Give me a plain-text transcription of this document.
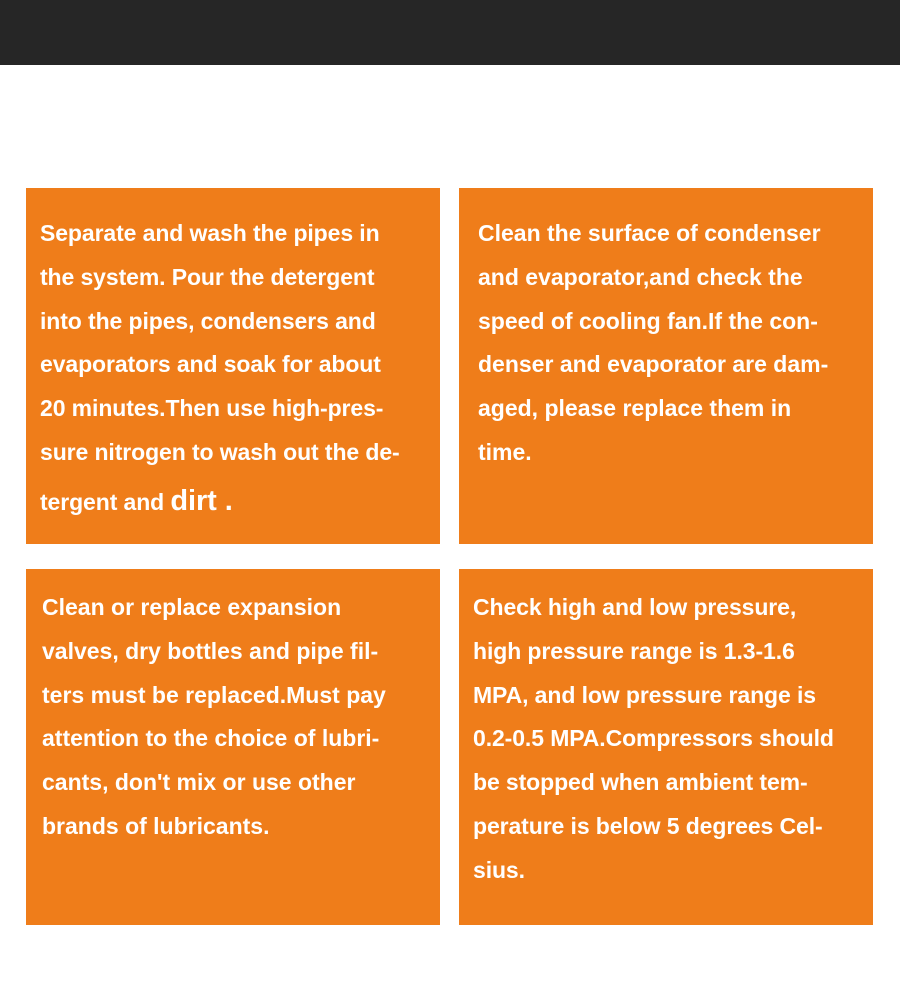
Separate and wash the pipes in
the system. Pour the detergent
into the pipes, condensers and
evaporators and soak for about
20 minutes.Then use high-pres-
sure nitrogen to wash out the de-
tergent and dirt .
Clean the surface of condenser
and evaporator,and check the
speed of cooling fan.If the con-
denser and evaporator are dam-
aged, please replace them in
time.
Clean or replace expansion
valves, dry bottles and pipe fil-
ters must be replaced.Must pay
attention to the choice of lubri-
cants, don't mix or use other
brands of lubricants.
Check high and low pressure,
high pressure range is 1.3-1.6
MPA, and low pressure range is
0.2-0.5 MPA.Compressors should
be stopped when ambient tem-
perature is below 5 degrees Cel-
sius.
